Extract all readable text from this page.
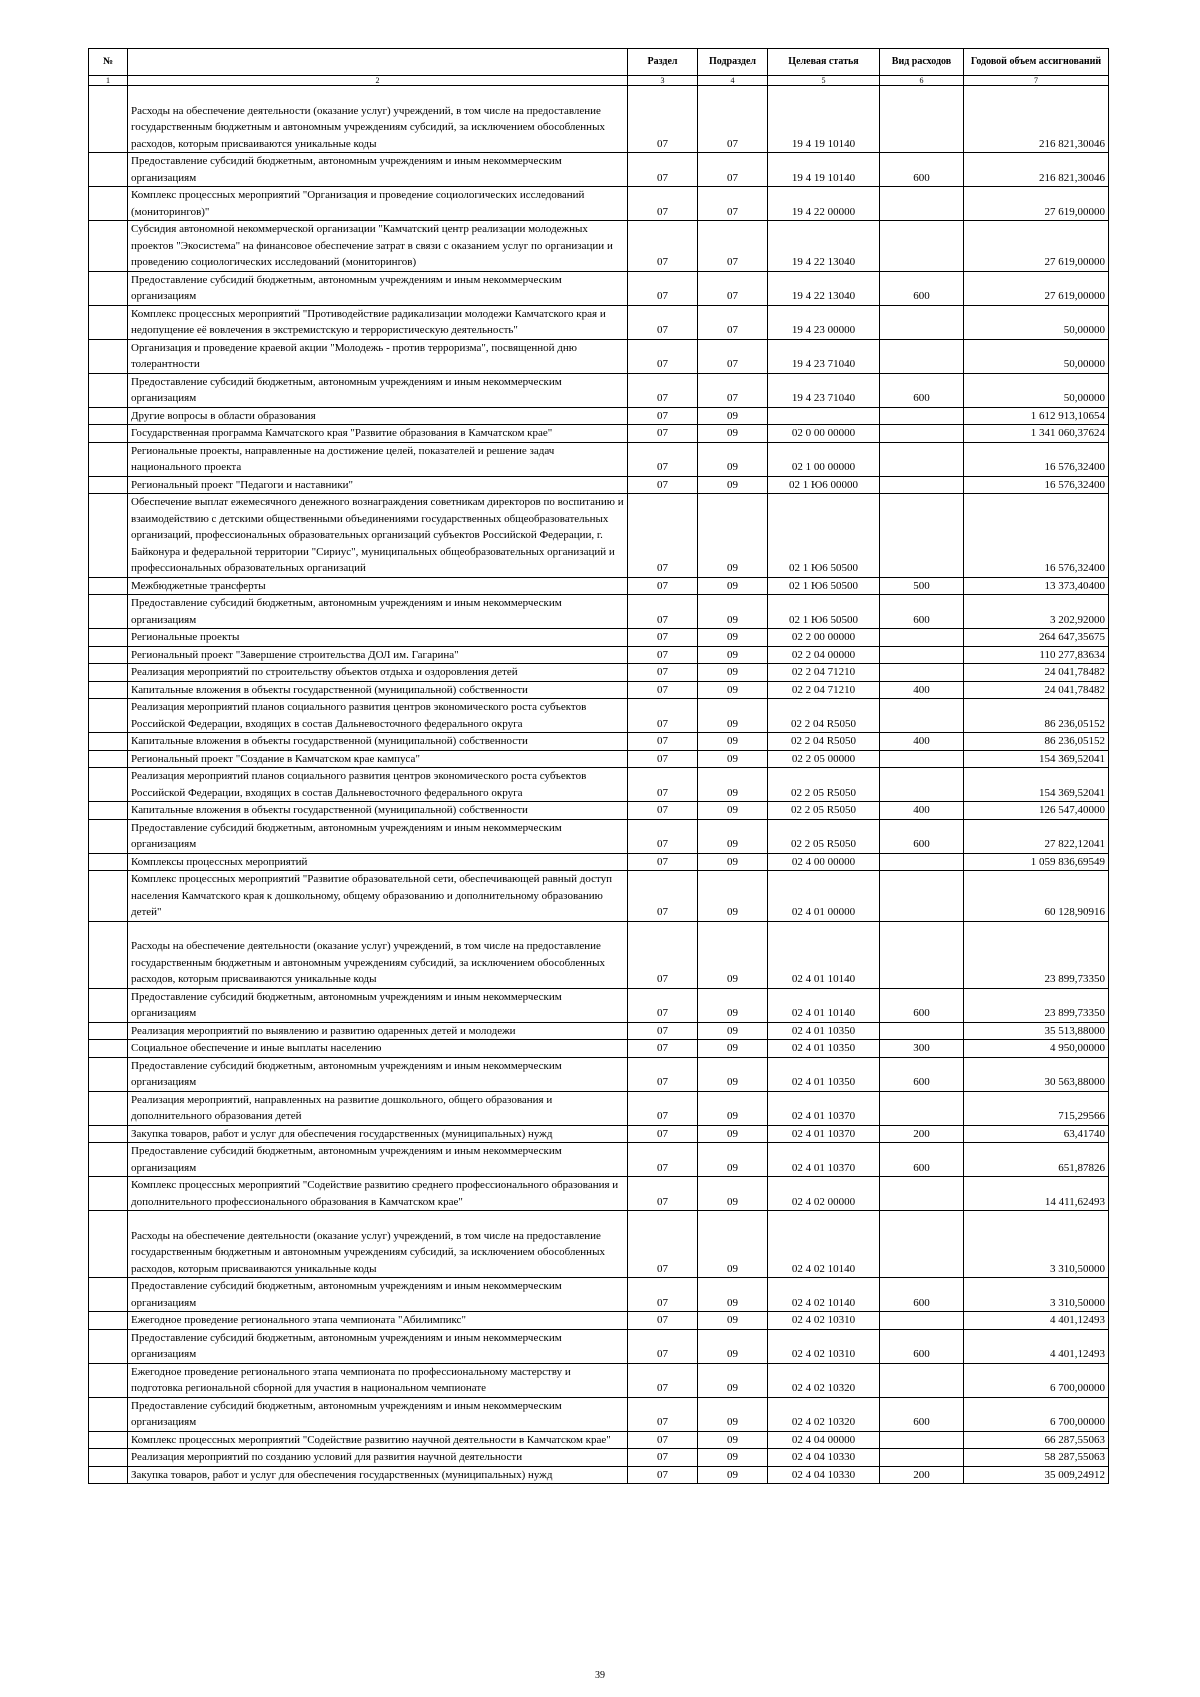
№		Раздел	Подраздел	Целевая статья	Вид расходов	Годовой объем ассигнований
1	2	3	4	5	6	7
	Расходы на обеспечение деятельности (оказание услуг) учреждений, в том числе на предоставление государственным бюджетным и автономным учреждениям субсидий, за исключением обособленных расходов, которым присваиваются уникальные коды	07	07	19 4 19 10140		216 821,30046
	Предоставление субсидий бюджетным, автономным учреждениям и иным некоммерческим организациям	07	07	19 4 19 10140	600	216 821,30046
	Комплекс процессных мероприятий "Организация и проведение социологических исследований (мониторингов)"	07	07	19 4 22 00000		27 619,00000
	Субсидия автономной некоммерческой организации "Камчатский центр реализации молодежных проектов "Экосистема" на финансовое обеспечение затрат в связи с оказанием услуг по организации и проведению социологических исследований (мониторингов)	07	07	19 4 22 13040		27 619,00000
	Предоставление субсидий бюджетным, автономным учреждениям и иным некоммерческим организациям	07	07	19 4 22 13040	600	27 619,00000
	Комплекс процессных мероприятий "Противодействие радикализации молодежи Камчатского края и недопущение её вовлечения в экстремистскую и террористическую деятельность"	07	07	19 4 23 00000		50,00000
	Организация и проведение краевой акции "Молодежь - против терроризма", посвященной дню толерантности	07	07	19 4 23 71040		50,00000
	Предоставление субсидий бюджетным, автономным учреждениям и иным некоммерческим организациям	07	07	19 4 23 71040	600	50,00000
	Другие вопросы в области образования	07	09			1 612 913,10654
	Государственная программа Камчатского края "Развитие образования в Камчатском крае"	07	09	02 0 00 00000		1 341 060,37624
	Региональные проекты, направленные на достижение целей, показателей и решение задач национального проекта	07	09	02 1 00 00000		16 576,32400
	Региональный проект "Педагоги и наставники"	07	09	02 1 Ю6 00000		16 576,32400
	Обеспечение выплат ежемесячного денежного вознаграждения советникам директоров по воспитанию и взаимодействию с детскими общественными объединениями государственных общеобразовательных организаций, профессиональных образовательных организаций субъектов Российской Федерации, г. Байконура и федеральной территории "Сириус", муниципальных общеобразовательных организаций и профессиональных образовательных организаций	07	09	02 1 Ю6 50500		16 576,32400
	Межбюджетные трансферты	07	09	02 1 Ю6 50500	500	13 373,40400
	Предоставление субсидий бюджетным, автономным учреждениям и иным некоммерческим организациям	07	09	02 1 Ю6 50500	600	3 202,92000
	Региональные проекты	07	09	02 2 00 00000		264 647,35675
	Региональный проект "Завершение строительства ДОЛ им. Гагарина"	07	09	02 2 04 00000		110 277,83634
	Реализация мероприятий по строительству объектов отдыха и оздоровления детей	07	09	02 2 04 71210		24 041,78482
	Капитальные вложения в объекты государственной (муниципальной) собственности	07	09	02 2 04 71210	400	24 041,78482
	Реализация мероприятий планов социального развития центров экономического роста субъектов Российской Федерации, входящих в состав Дальневосточного федерального округа	07	09	02 2 04 R5050		86 236,05152
	Капитальные вложения в объекты государственной (муниципальной) собственности	07	09	02 2 04 R5050	400	86 236,05152
	Региональный проект "Создание в Камчатском крае кампуса"	07	09	02 2 05 00000		154 369,52041
	Реализация мероприятий планов социального развития центров экономического роста субъектов Российской Федерации, входящих в состав Дальневосточного федерального округа	07	09	02 2 05 R5050		154 369,52041
	Капитальные вложения в объекты государственной (муниципальной) собственности	07	09	02 2 05 R5050	400	126 547,40000
	Предоставление субсидий бюджетным, автономным учреждениям и иным некоммерческим организациям	07	09	02 2 05 R5050	600	27 822,12041
	Комплексы процессных мероприятий	07	09	02 4 00 00000		1 059 836,69549
	Комплекс процессных мероприятий "Развитие образовательной сети, обеспечивающей равный доступ населения Камчатского края к дошкольному, общему образованию и дополнительному образованию детей"	07	09	02 4 01 00000		60 128,90916
	Расходы на обеспечение деятельности (оказание услуг) учреждений, в том числе на предоставление государственным бюджетным и автономным учреждениям субсидий, за исключением обособленных расходов, которым присваиваются уникальные коды	07	09	02 4 01 10140		23 899,73350
	Предоставление субсидий бюджетным, автономным учреждениям и иным некоммерческим организациям	07	09	02 4 01 10140	600	23 899,73350
	Реализация мероприятий по выявлению и развитию одаренных детей и молодежи	07	09	02 4 01 10350		35 513,88000
	Социальное обеспечение и иные выплаты населению	07	09	02 4 01 10350	300	4 950,00000
	Предоставление субсидий бюджетным, автономным учреждениям и иным некоммерческим организациям	07	09	02 4 01 10350	600	30 563,88000
	Реализация мероприятий, направленных на развитие дошкольного, общего образования и дополнительного образования детей	07	09	02 4 01 10370		715,29566
	Закупка товаров, работ и услуг для обеспечения государственных (муниципальных) нужд	07	09	02 4 01 10370	200	63,41740
	Предоставление субсидий бюджетным, автономным учреждениям и иным некоммерческим организациям	07	09	02 4 01 10370	600	651,87826
	Комплекс процессных мероприятий "Содействие развитию среднего профессионального образования и дополнительного профессионального образования в Камчатском крае"	07	09	02 4 02 00000		14 411,62493
	Расходы на обеспечение деятельности (оказание услуг) учреждений, в том числе на предоставление государственным бюджетным и автономным учреждениям субсидий, за исключением обособленных расходов, которым присваиваются уникальные коды	07	09	02 4 02 10140		3 310,50000
	Предоставление субсидий бюджетным, автономным учреждениям и иным некоммерческим организациям	07	09	02 4 02 10140	600	3 310,50000
	Ежегодное проведение регионального этапа чемпионата "Абилимпикс"	07	09	02 4 02 10310		4 401,12493
	Предоставление субсидий бюджетным, автономным учреждениям и иным некоммерческим организациям	07	09	02 4 02 10310	600	4 401,12493
	Ежегодное проведение регионального этапа чемпионата по профессиональному мастерству и подготовка региональной сборной для участия в национальном чемпионате	07	09	02 4 02 10320		6 700,00000
	Предоставление субсидий бюджетным, автономным учреждениям и иным некоммерческим организациям	07	09	02 4 02 10320	600	6 700,00000
	Комплекс процессных мероприятий "Содействие развитию научной деятельности в Камчатском крае"	07	09	02 4 04 00000		66 287,55063
	Реализация мероприятий по созданию условий для развития научной деятельности	07	09	02 4 04 10330		58 287,55063
	Закупка товаров, работ и услуг для обеспечения государственных (муниципальных) нужд	07	09	02 4 04 10330	200	35 009,24912
39
